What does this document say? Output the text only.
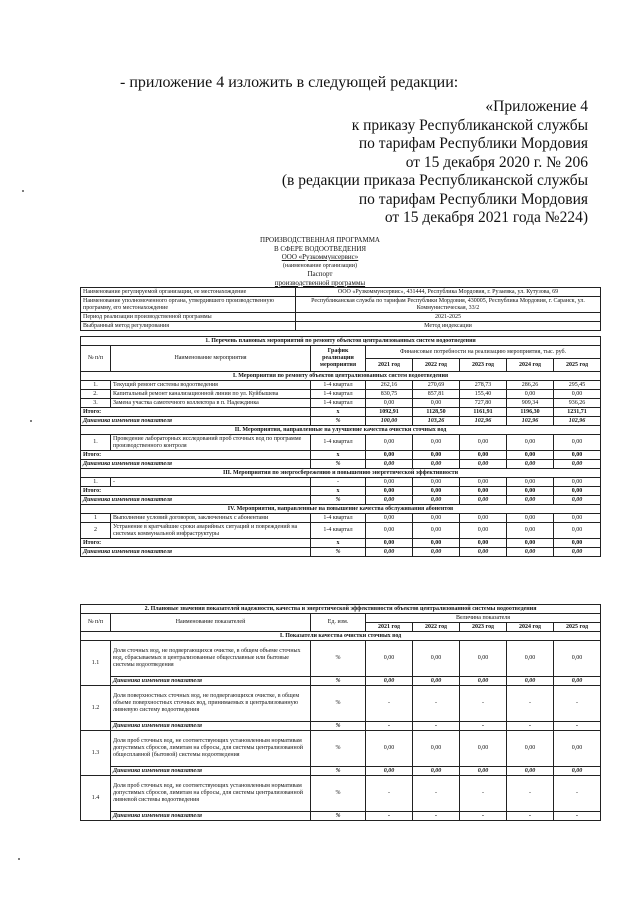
- приложение 4 изложить в следующей редакции:
«Приложение 4
к приказу Республиканской службы
по тарифам Республики Мордовия
от 15 декабря 2020 г. № 206
(в редакции приказа Республиканской службы
по тарифам Республики Мордовия
от 15 декабря 2021 года №224)
ПРОИЗВОДСТВЕННАЯ ПРОГРАММА
В СФЕРЕ ВОДООТВЕДЕНИЯ
ООО «Рузкоммунсервис»
(наименование организации)
Паспорт
производственной программы
Наименование регулируемой организации, ее местонахождение	ООО «Рузкоммунсервис», 431444, Республика Мордовия, г. Рузаевка, ул. Кутузова, 69
Наименование уполномоченного органа, утвердившего производственную программу, его местонахождение	Республиканская служба по тарифам Республики Мордовия, 430005, Республика Мордовия, г. Саранск, ул. Коммунистическая, 33/2
Период реализации производственной программы	2021-2025
Выбранный метод регулирования	Метод индексации
1. Перечень плановых мероприятий по ремонту объектов централизованных систем водоотведения							
№ п/п	Наименование мероприятия	График реализации мероприятия	Финансовые потребности на реализацию мероприятия, тыс. руб.				
			2021 год	2022 год	2023 год	2024 год	2025 год
I. Мероприятия по ремонту объектов централизованных систем водоотведения							
1.	Текущий ремонт системы водоотведения	1-4 квартал	262,16	270,69	278,73	286,26	295,45
2.	Капитальный ремонт канализационной линии по ул. Куйбышева	1-4 квартал	830,75	857,81	155,40	0,00	0,00
3.	Замена участка самотечного коллектора в п. Надеждинка	1-4 квартал	0,00	0,00	727,80	909,34	936,26
Итого:		х	1092,91	1128,50	1161,91	1196,30	1231,71
Динамика изменения показателя		%	100,00	103,26	102,96	102,96	102,96
II. Мероприятия, направленные на улучшение качества очистки сточных вод							
1.	Проведение лабораторных исследований проб сточных вод по программе производственного контроля	1-4 квартал	0,00	0,00	0,00	0,00	0,00
Итого:		х	0,00	0,00	0,00	0,00	0,00
Динамика изменения показателя		%	0,00	0,00	0,00	0,00	0,00
III. Мероприятия по энергосбережению и повышению энергетической эффективности							
1.	-	-	0,00	0,00	0,00	0,00	0,00
Итого:		х	0,00	0,00	0,00	0,00	0,00
Динамика изменения показателя		%	0,00	0,00	0,00	0,00	0,00
IV. Мероприятия, направленные на повышение качества обслуживания абонентов							
1	Выполнение условий договоров, заключенных с абонентами	1-4 квартал	0,00	0,00	0,00	0,00	0,00
2	Устранение в кратчайшие сроки аварийных ситуаций и повреждений на системах коммунальной инфраструктуры	1-4 квартал	0,00	0,00	0,00	0,00	0,00
Итого:		х	0,00	0,00	0,00	0,00	0,00
Динамика изменения показателя		%	0,00	0,00	0,00	0,00	0,00
2. Плановые значения показателей надежности, качества и энергетической эффективности объектов централизованной системы водоотведения							
№ п/п	Наименование показателей	Ед. изм.	Величина показателя				
			2021 год	2022 год	2023 год	2024 год	2025 год
I. Показатели качества очистки сточных вод							
1.1	Доля сточных вод, не подвергающихся очистке, в общем объеме сточных вод, сбрасываемых в централизованные общесплавные или бытовые системы водоотведения	%	0,00	0,00	0,00	0,00	0,00
	Динамика изменения показателя	%	0,00	0,00	0,00	0,00	0,00
1.2	Доля поверхностных сточных вод, не подвергающихся очистке, в общем объеме поверхностных сточных вод, принимаемых в централизованную ливневую систему водоотведения	%	-	-	-	-	-
	Динамика изменения показателя	%	-	-	-	-	-
1.3	Доля проб сточных вод, не соответствующих установленным нормативам допустимых сбросов, лимитам на сбросы, для системы централизованной общесплавной (бытовой) системы водоотведения	%	0,00	0,00	0,00	0,00	0,00
	Динамика изменения показателя	%	0,00	0,00	0,00	0,00	0,00
1.4	Доля проб сточных вод, не соответствующих установленным нормативам допустимых сбросов, лимитам на сбросы, для системы централизованной ливневой системы водоотведения	%	-	-	-	-	-
	Динамика изменения показателя	%	-	-	-	-	-
